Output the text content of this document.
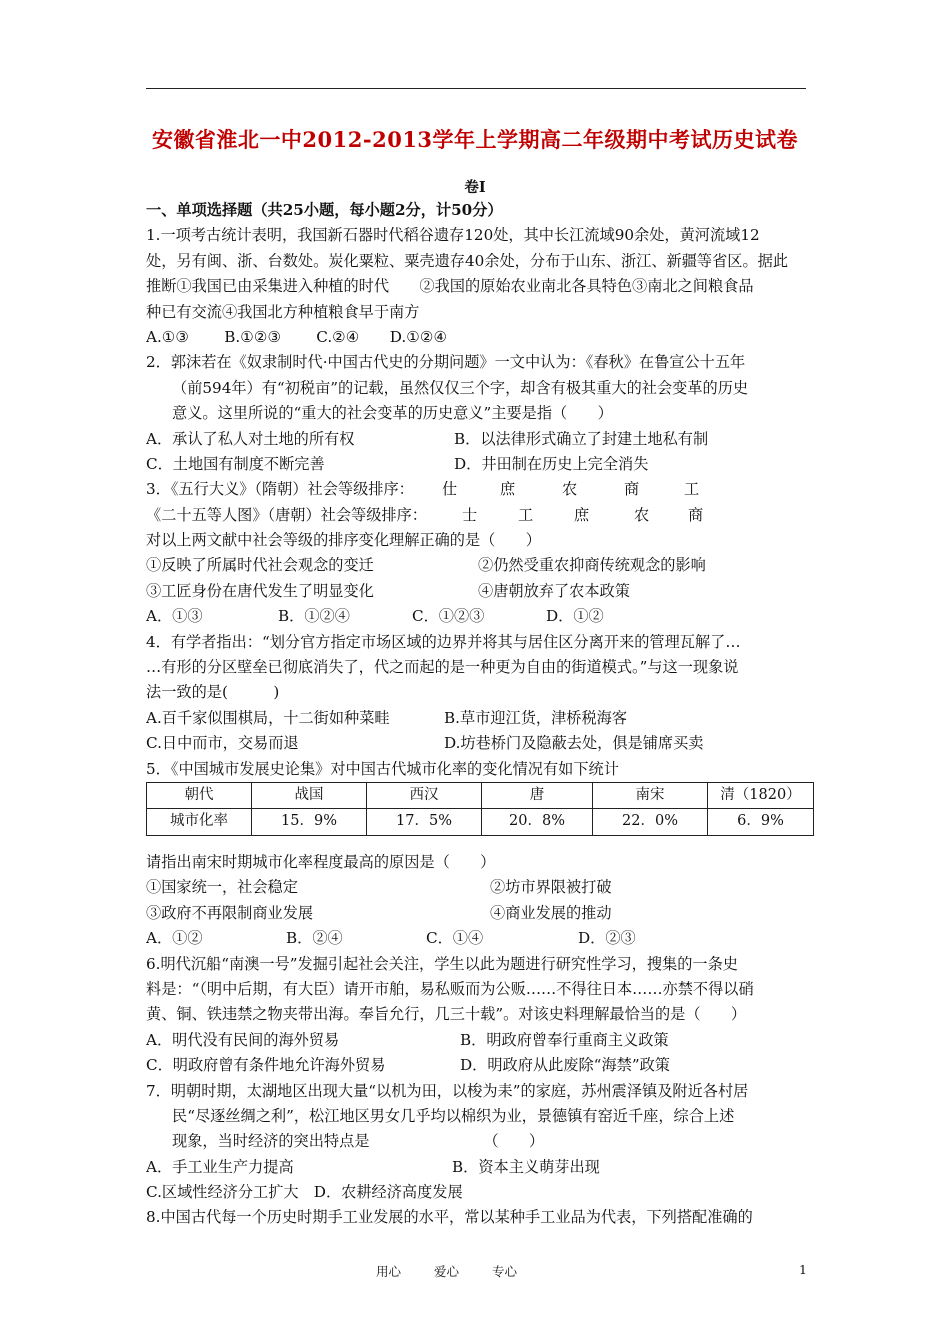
安徽省淮北一中2012-2013学年上学期高二年级期中考试历史试卷
卷Ⅰ
一、单项选择题（共25小题，每小题2分，计50分）
1.一项考古统计表明，我国新石器时代稻谷遗存120处，其中长江流域90余处，黄河流域12
处，另有闽、浙、台数处。炭化粟粒、粟壳遗存40余处，分布于山东、浙江、新疆等省区。据此
推断①我国已由采集进入种植的时代　　②我国的原始农业南北各具特色③南北之间粮食品
种已有交流④我国北方种植粮食早于南方
A.①③　　 B.①②③　　 C.②④　　D.①②④
2．郭沫若在《奴隶制时代·中国古代史的分期问题》一文中认为：《春秋》在鲁宣公十五年
（前594年）有“初税亩”的记载，虽然仅仅三个字，却含有极其重大的社会变革的历史
意义。这里所说的“重大的社会变革的历史意义”主要是指（　　）
A．承认了私人对土地的所有权	B．以法律形式确立了封建土地私有制
C．土地国有制度不断完善	D．井田制在历史上完全消失
3．《五行大义》（隋朝）社会等级排序： 仕	庶	农	商	工
《二十五等人图》（唐朝）社会等级排序： 士	工	庶	农	商
对以上两文献中社会等级的排序变化理解正确的是（　　）
①反映了所属时代社会观念的变迁	②仍然受重农抑商传统观念的影响
③工匠身份在唐代发生了明显变化	④唐朝放弃了农本政策
A．①③	B．①②④	C．①②③	D．①②
4．有学者指出：“划分官方指定市场区域的边界并将其与居住区分离开来的管理瓦解了…
…有形的分区壁垒已彻底消失了，代之而起的是一种更为自由的街道模式。”与这一现象说
法一致的是(　　　)
A.百千家似围棋局，十二街如种菜畦	B.草市迎江货，津桥税海客
C.日中而市，交易而退	D.坊巷桥门及隐蔽去处，俱是铺席买卖
5．《中国城市发展史论集》对中国古代城市化率的变化情况有如下统计
朝代	战国	西汉	唐	南宋	清（1820）
城市化率	15．9%	17．5%	20．8%	22．0%	6．9%
请指出南宋时期城市化率程度最高的原因是（　　）
①国家统一，社会稳定	②坊市界限被打破
③政府不再限制商业发展	④商业发展的推动
A．①②	B．②④	C．①④	D．②③
6.明代沉船“南澳一号”发掘引起社会关注，学生以此为题进行研究性学习，搜集的一条史
料是：“（明中后期，有大臣）请开市舶，易私贩而为公贩……不得往日本……亦禁不得以硝
黄、铜、铁违禁之物夹带出海。奉旨允行，几三十载”。对该史料理解最恰当的是（　　）
A．明代没有民间的海外贸易	B．明政府曾奉行重商主义政策
C．明政府曾有条件地允许海外贸易	D．明政府从此废除“海禁”政策
7．明朝时期，太湖地区出现大量“以机为田，以梭为耒”的家庭，苏州震泽镇及附近各村居
民“尽逐丝绸之利”，松江地区男女几乎均以棉织为业，景德镇有窑近千座，综合上述
现象，当时经济的突出特点是　　　　　　　　（　　）
A．手工业生产力提高	B．资本主义萌芽出现
C.区域性经济分工扩大　D．农耕经济高度发展
8.中国古代每一个历史时期手工业发展的水平，常以某种手工业品为代表，下列搭配准确的
用心	爱心	专心	1
